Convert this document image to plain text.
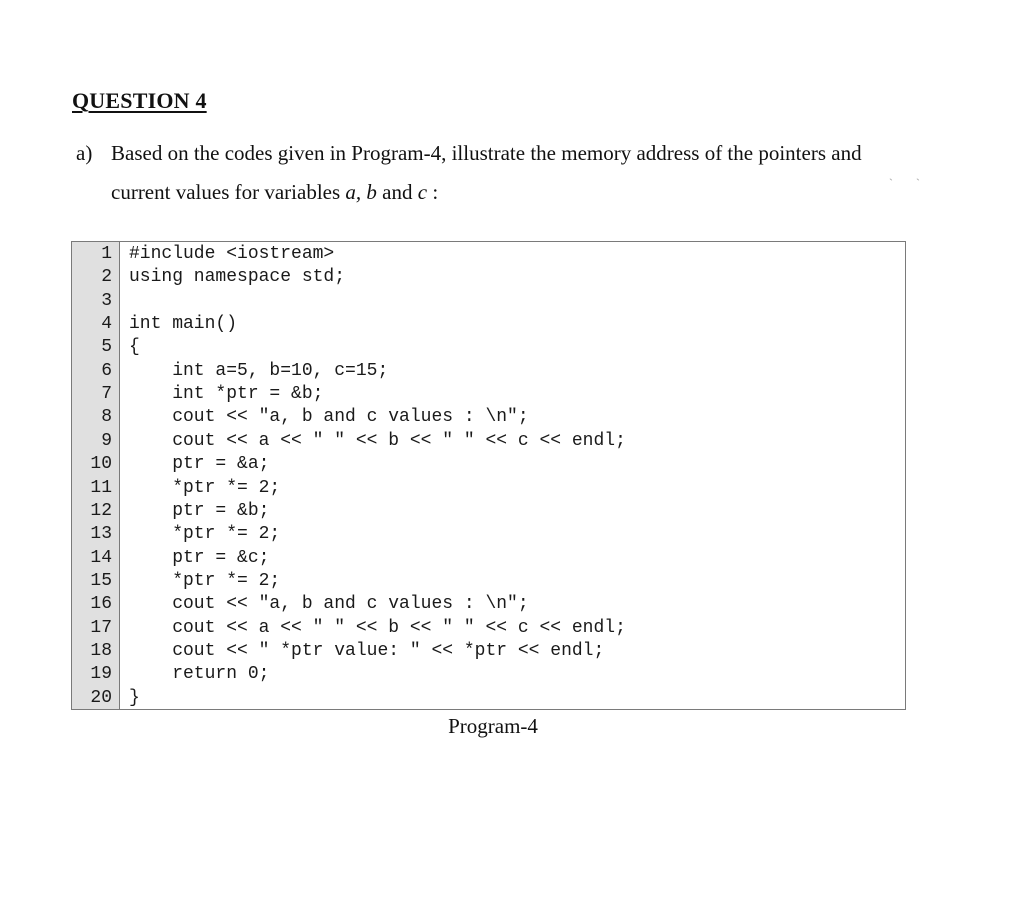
QUESTION 4
a) Based on the codes given in Program-4, illustrate the memory address of the pointers and
current values for variables a, b and c :	` `
1 #include <iostream>
2 using namespace std;
3
4 int main()
5 {
6 int a=5, b=10, c=15;
7 int *ptr = &b;
8 cout << "a, b and c values : \n";
9 cout << a << " " << b << " " << c << endl;
10 ptr = &a;
11 *ptr *= 2;
12 ptr = &b;
13 *ptr *= 2;
14 ptr = &c;
15 *ptr *= 2;
16 cout << "a, b and c values : \n";
17 cout << a << " " << b << " " << c << endl;
18 cout << " *ptr value: " << *ptr << endl;
19 return 0;
20 }
Program-4
